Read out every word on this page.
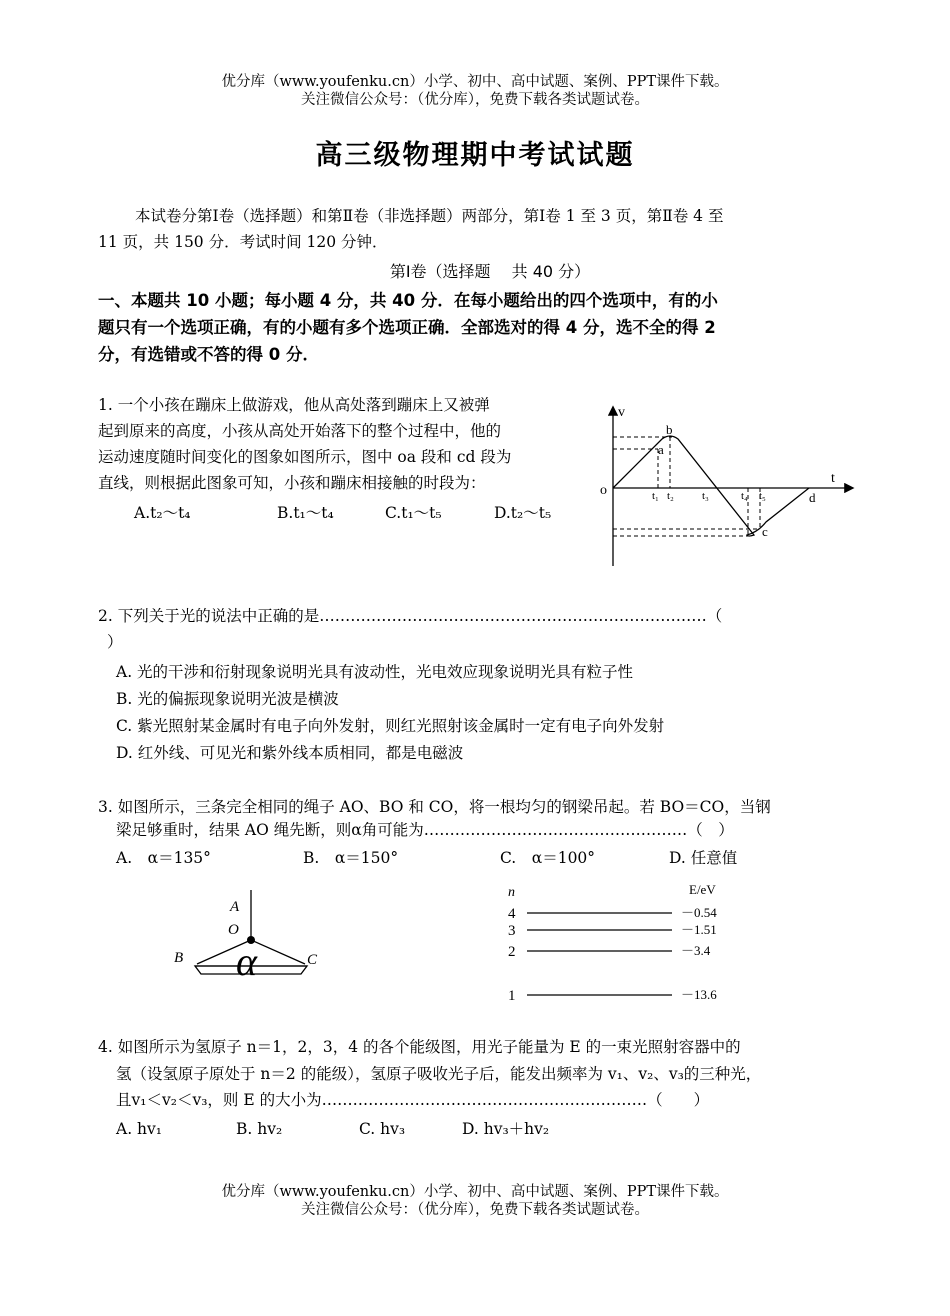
优分库（www.youfenku.cn）小学、初中、高中试题、案例、PPT课件下载。
关注微信公众号：（优分库），免费下载各类试题试卷。
高三级物理期中考试试题
本试卷分第Ⅰ卷（选择题）和第Ⅱ卷（非选择题）两部分，第Ⅰ卷 1 至 3 页，第Ⅱ卷 4 至
11 页，共 150 分．考试时间 120 分钟．
第Ⅰ卷（选择题　 共 40 分）
一、本题共 10 小题；每小题 4 分，共 40 分．在每小题给出的四个选项中，有的小
题只有一个选项正确，有的小题有多个选项正确．全部选对的得 4 分，选不全的得 2
分，有选错或不答的得 0 分．
1. 一个小孩在蹦床上做游戏，他从高处落到蹦床上又被弹
起到原来的高度，小孩从高处开始落下的整个过程中，他的
运动速度随时间变化的图象如图所示，图中 oa 段和 cd 段为
直线，则根据此图象可知，小孩和蹦床相接触的时段为：
A.t₂～t₄	B.t₁～t₄	C.t₁～t₅	D.t₂～t₅
v
t
o
a
b
c
d
t₁ t₂	t₃	t₄ t₅
2. 下列关于光的说法中正确的是…………………………………………………………………（
）
A. 光的干涉和衍射现象说明光具有波动性，光电效应现象说明光具有粒子性
B. 光的偏振现象说明光波是横波
C. 紫光照射某金属时有电子向外发射，则红光照射该金属时一定有电子向外发射
D. 红外线、可见光和紫外线本质相同，都是电磁波
3. 如图所示，三条完全相同的绳子 AO、BO 和 CO，将一根均匀的钢梁吊起。若 BO＝CO，当钢
梁足够重时，结果 AO 绳先断，则α角可能为……………………………………………（　）
A.　α＝135°	B.　α＝150°	C.　α＝100°	D. 任意值
A
O
B	C
α
n	E/eV
4	－0.54
3	－1.51
2	－3.4
1	－13.6
4. 如图所示为氢原子 n＝1，2，3，4 的各个能级图，用光子能量为 E 的一束光照射容器中的
氢（设氢原子原处于 n＝2 的能级），氢原子吸收光子后，能发出频率为 v₁、v₂、v₃的三种光，
且v₁＜v₂＜v₃，则 E 的大小为………………………………………………………（　　）
A. hv₁	B. hv₂	C. hv₃	D. hv₃＋hv₂
优分库（www.youfenku.cn）小学、初中、高中试题、案例、PPT课件下载。
关注微信公众号：（优分库），免费下载各类试题试卷。
